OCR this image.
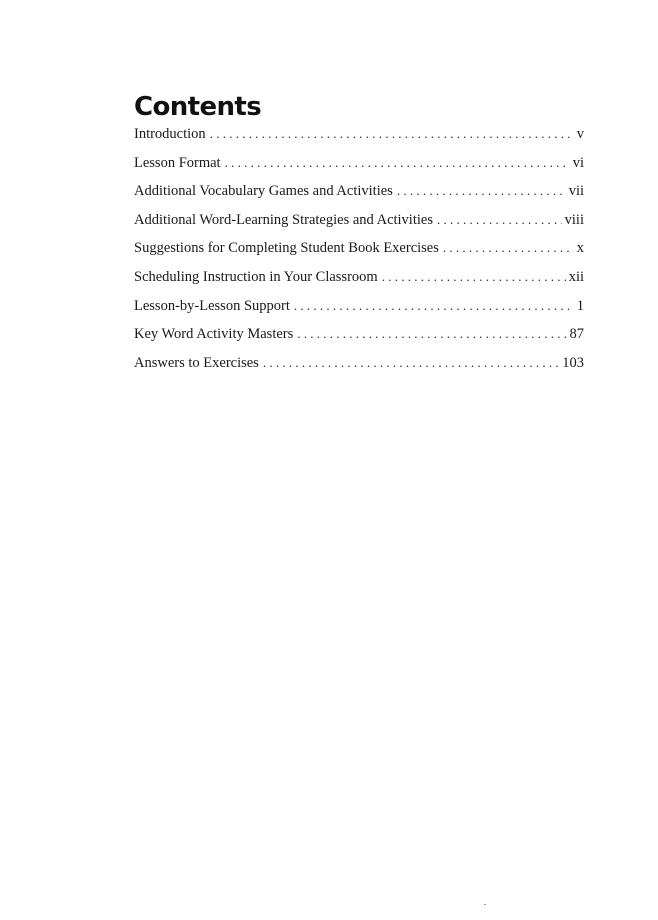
Contents
Introduction . . .	v
Lesson Format . . .	vi
Additional Vocabulary Games and Activities . . .	vii
Additional Word-Learning Strategies and Activities . . .	viii
Suggestions for Completing Student Book Exercises . . .	x
Scheduling Instruction in Your Classroom . . .	xii
Lesson-by-Lesson Support . . .	1
Key Word Activity Masters . . .	87
Answers to Exercises . . .	103
